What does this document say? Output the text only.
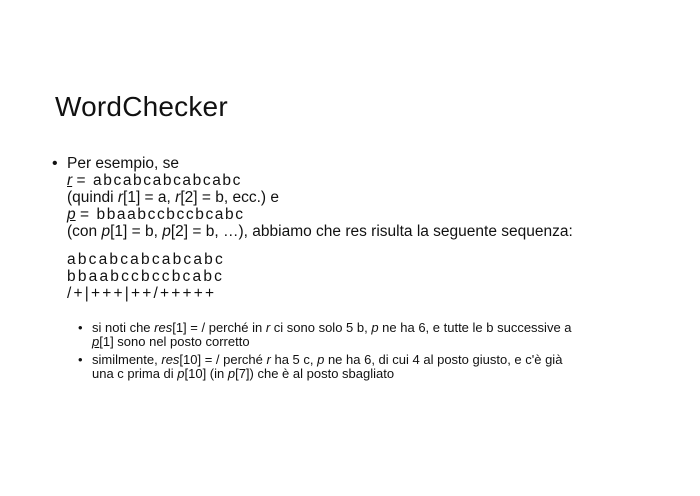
WordChecker
• Per esempio, se
r = abcabcabcabcabc
(quindi r[1] = a, r[2] = b, ecc.) e
p = bbaabccbccbcabc
(con p[1] = b, p[2] = b, …), abbiamo che res risulta la seguente sequenza:
abcabcabcabcabc
bbaabccbccbcabc
/+|+++|++/+++++
• si noti che res[1] = / perché in r ci sono solo 5 b, p ne ha 6, e tutte le b successive a
p[1] sono nel posto corretto
• similmente, res[10] = / perché r ha 5 c, p ne ha 6, di cui 4 al posto giusto, e c'è già
una c prima di p[10] (in p[7]) che è al posto sbagliato
